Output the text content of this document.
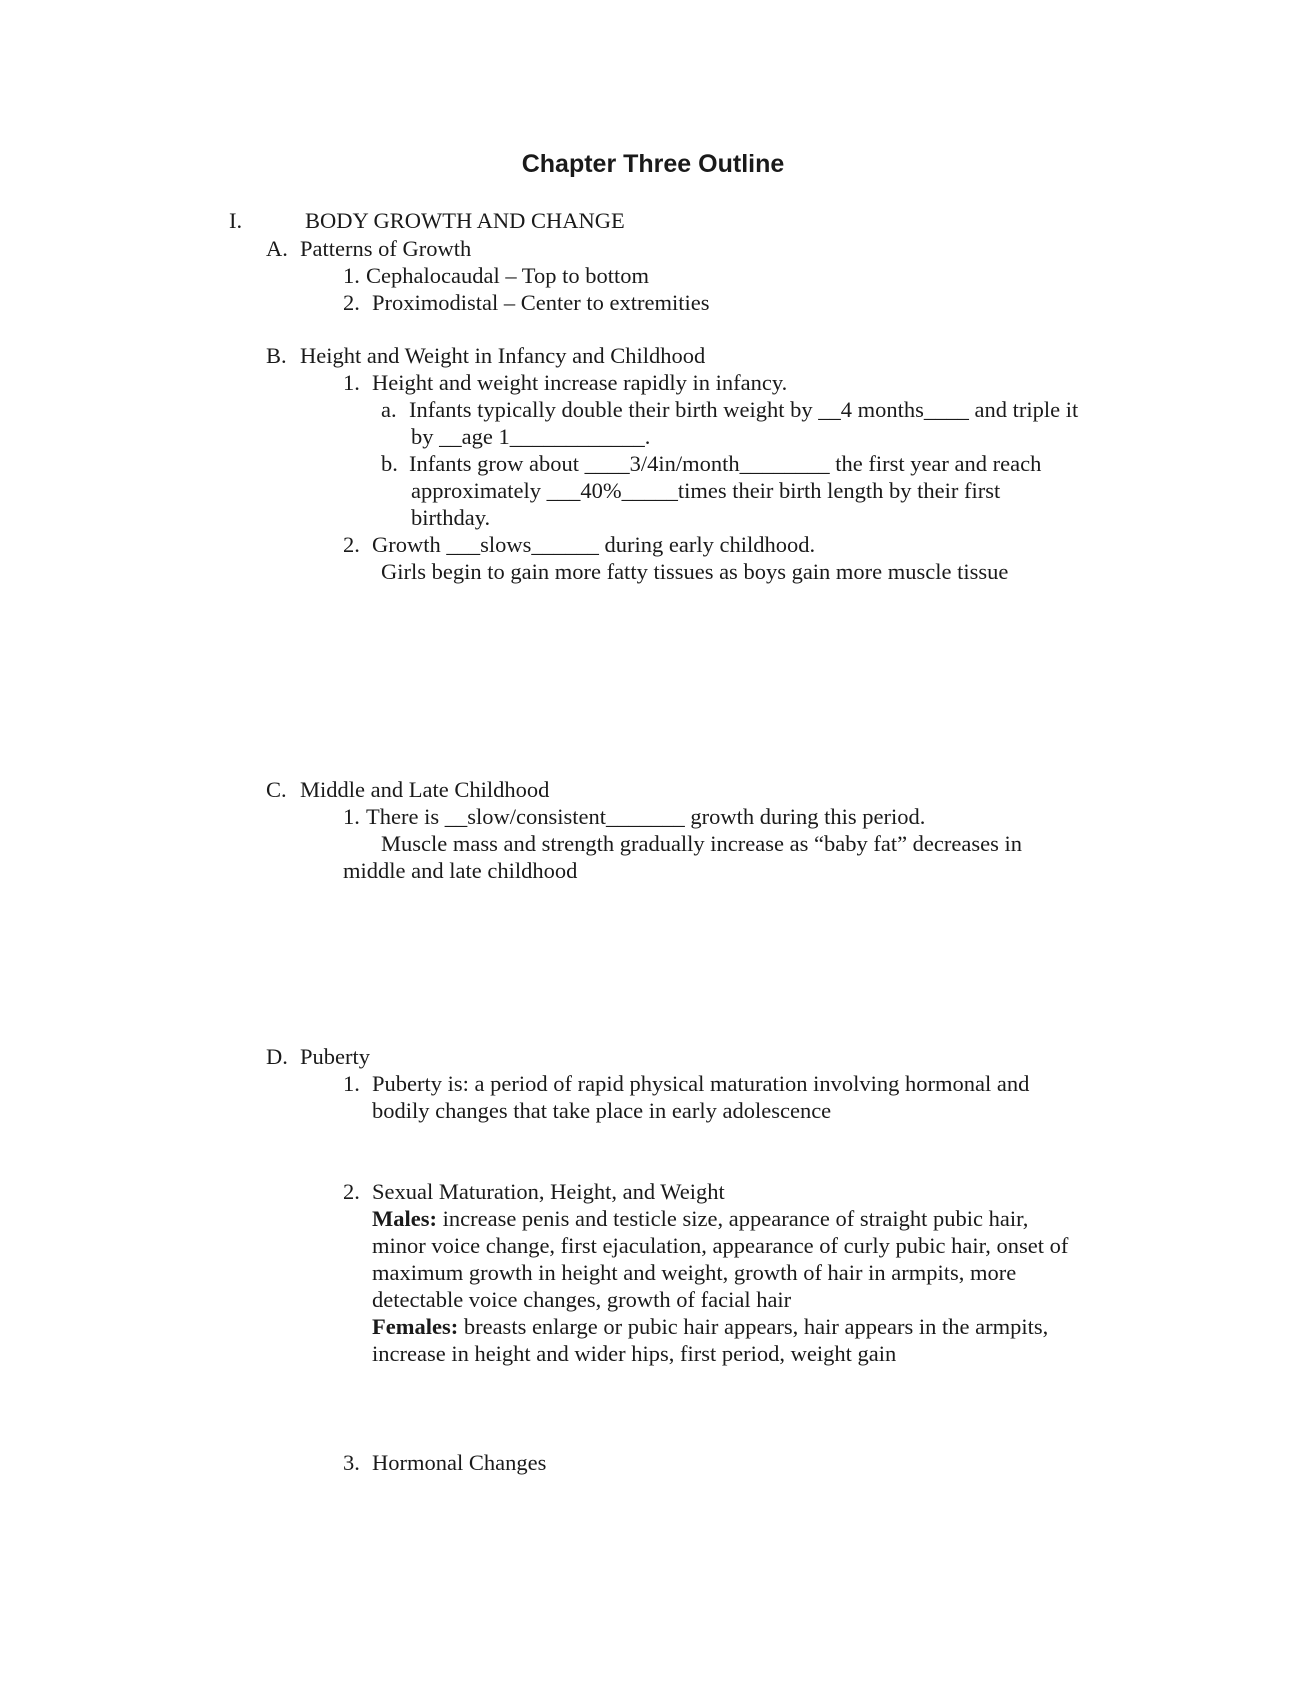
Chapter Three Outline
I.	BODY GROWTH AND CHANGE
A. Patterns of Growth
1. Cephalocaudal – Top to bottom
2. Proximodistal – Center to extremities
B. Height and Weight in Infancy and Childhood
1. Height and weight increase rapidly in infancy.
a. Infants typically double their birth weight by __4 months____ and triple it
by __age 1____________.
b. Infants grow about ____3/4in/month________ the first year and reach
approximately ___40%_____times their birth length by their first
birthday.
2. Growth ___slows______ during early childhood.
Girls begin to gain more fatty tissues as boys gain more muscle tissue
C. Middle and Late Childhood
1. There is __slow/consistent_______ growth during this period.
Muscle mass and strength gradually increase as “baby fat” decreases in
middle and late childhood
D. Puberty
1. Puberty is: a period of rapid physical maturation involving hormonal and
bodily changes that take place in early adolescence
2. Sexual Maturation, Height, and Weight
Males: increase penis and testicle size, appearance of straight pubic hair,
minor voice change, first ejaculation, appearance of curly pubic hair, onset of
maximum growth in height and weight, growth of hair in armpits, more
detectable voice changes, growth of facial hair
Females: breasts enlarge or pubic hair appears, hair appears in the armpits,
increase in height and wider hips, first period, weight gain
3. Hormonal Changes
